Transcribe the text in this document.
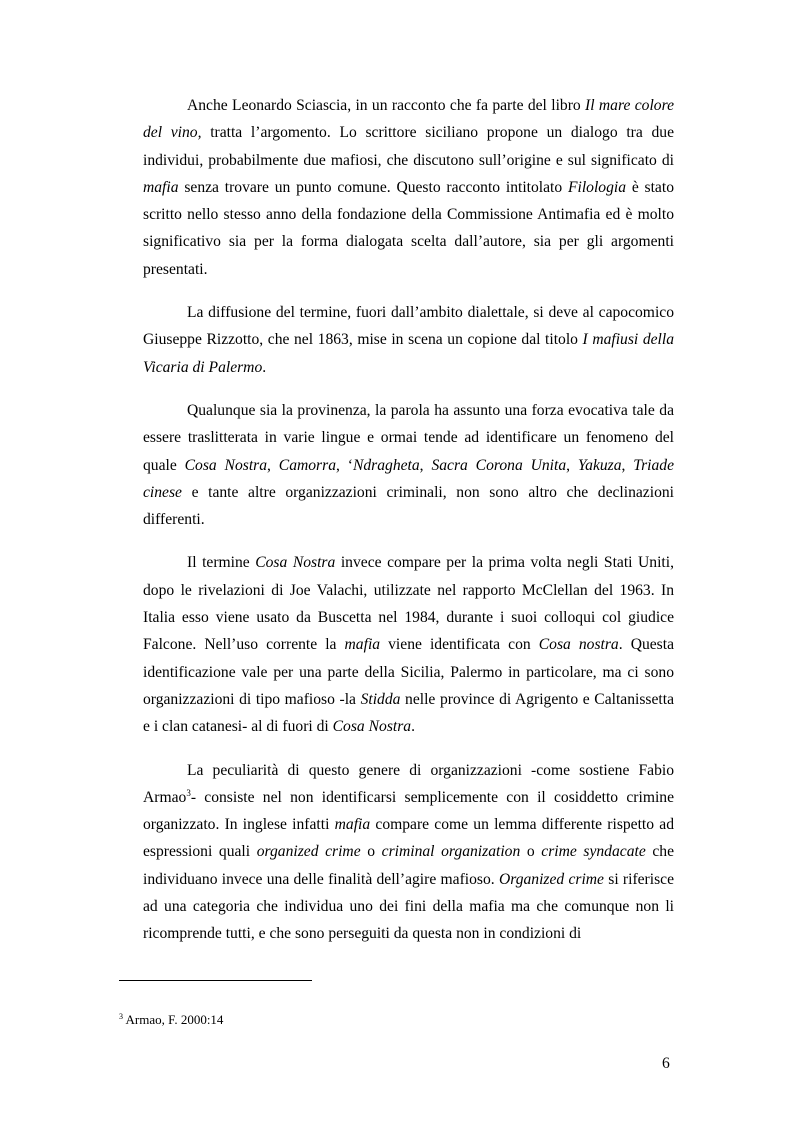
Anche Leonardo Sciascia, in un racconto che fa parte del libro Il mare colore del vino, tratta l’argomento. Lo scrittore siciliano propone un dialogo tra due individui, probabilmente due mafiosi, che discutono sull’origine e sul significato di mafia senza trovare un punto comune. Questo racconto intitolato Filologia è stato scritto nello stesso anno della fondazione della Commissione Antimafia ed è molto significativo sia per la forma dialogata scelta dall’autore, sia per gli argomenti presentati.

La diffusione del termine, fuori dall’ambito dialettale, si deve al capocomico Giuseppe Rizzotto, che nel 1863, mise in scena un copione dal titolo I mafiusi della Vicaria di Palermo.

Qualunque sia la provinenza, la parola ha assunto una forza evocativa tale da essere traslitterata in varie lingue e ormai tende ad identificare un fenomeno del quale Cosa Nostra, Camorra, ‘Ndragheta, Sacra Corona Unita, Yakuza, Triade cinese e tante altre organizzazioni criminali, non sono altro che declinazioni differenti.

Il termine Cosa Nostra invece compare per la prima volta negli Stati Uniti, dopo le rivelazioni di Joe Valachi, utilizzate nel rapporto McClellan del 1963. In Italia esso viene usato da Buscetta nel 1984, durante i suoi colloqui col giudice Falcone. Nell’uso corrente la mafia viene identificata con Cosa nostra. Questa identificazione vale per una parte della Sicilia, Palermo in particolare, ma ci sono organizzazioni di tipo mafioso -la Stidda nelle province di Agrigento e Caltanissetta e i clan catanesi- al di fuori di Cosa Nostra.

La peculiarità di questo genere di organizzazioni -come sostiene Fabio Armao$^3$- consiste nel non identificarsi semplicemente con il cosiddetto crimine organizzato. In inglese infatti mafia compare come un lemma differente rispetto ad espressioni quali organized crime o criminal organization o crime syndacate che individuano invece una delle finalità dell’agire mafioso. Organized crime si riferisce ad una categoria che individua uno dei fini della mafia ma che comunque non li ricomprende tutti, e che sono perseguiti da questa non in condizioni di

$^3$ Armao, F. 2000:14
6
